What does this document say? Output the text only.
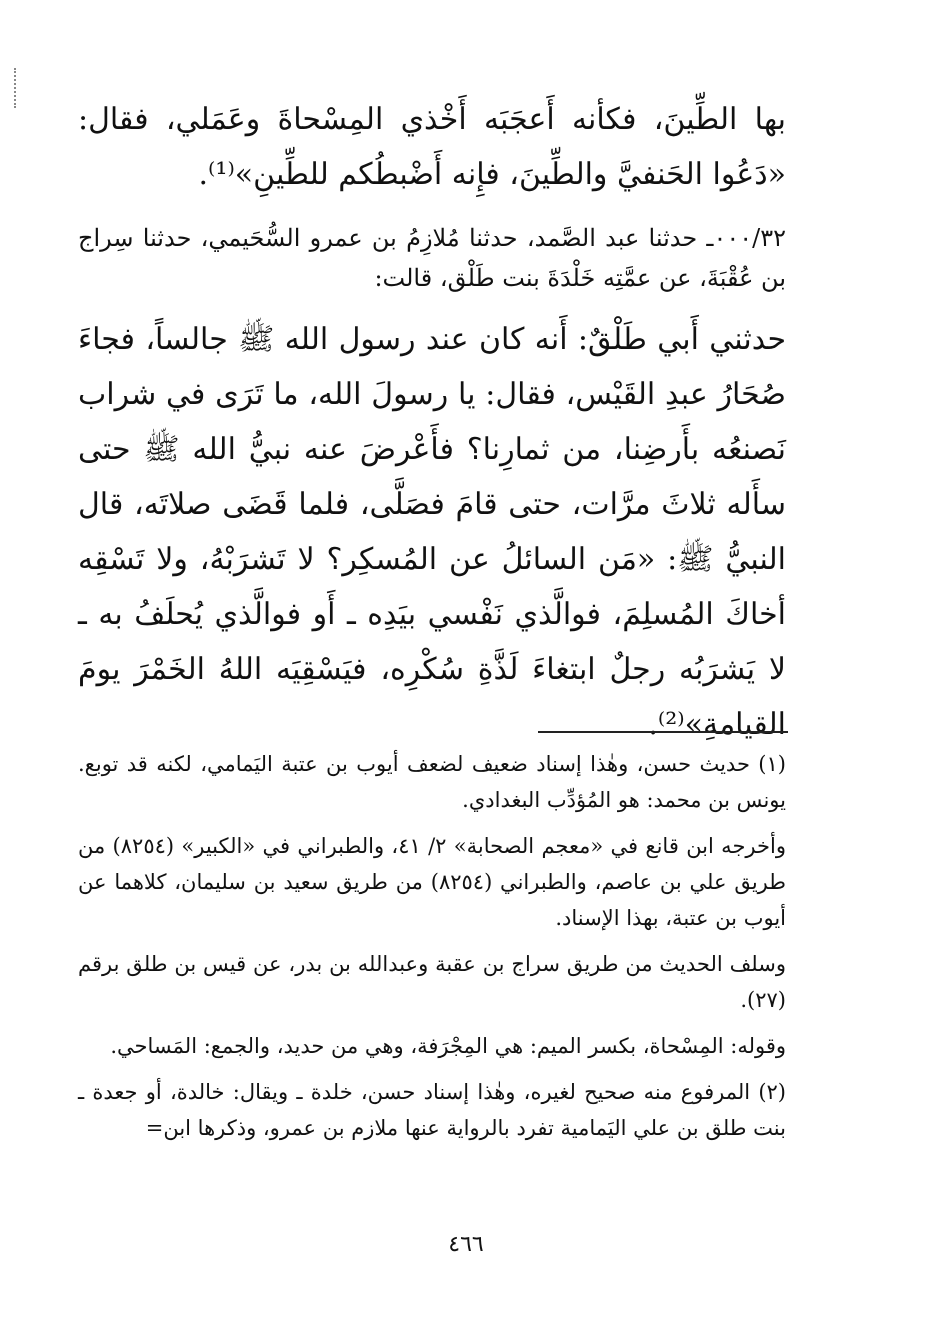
بها الطِّينَ، فكأنه أَعجَبَه أَخْذي المِسْحاةَ وعَمَلي، فقال: «دَعُوا الحَنفيَّ والطِّينَ، فإِنه أَضْبطُكم للطِّينِ»⁽¹⁾.

٠٠٠/٣٢ـ حدثنا عبد الصَّمد، حدثنا مُلازِمُ بن عمرو السُّحَيمي، حدثنا سِراج بن عُقْبَةَ، عن عمَّتِه خَلْدَةَ بنت طَلْق، قالت:

حدثني أَبي طَلْقٌ: أَنه كان عند رسول الله ﷺ جالساً، فجاءَ صُحَارُ عبدِ القَيْس، فقال: يا رسولَ الله، ما تَرَى في شراب نَصنعُه بأَرضِنا، من ثمارِنا؟ فأَعْرضَ عنه نبيُّ الله ﷺ حتى سأَله ثلاثَ مرَّات، حتى قامَ فصَلَّى، فلما قَضَى صلاتَه، قال النبيُّ ﷺ: «مَن السائلُ عن المُسكِر؟ لا تَشرَبْهُ، ولا تَسْقِه أخاكَ المُسلِمَ، فوالَّذي نَفْسي بيَدِه ـ أَو فوالَّذي يُحلَفُ به ـ لا يَشرَبُه رجلٌ ابتغاءَ لَذَّةِ سُكْرِه، فيَسْقِيَه اللهُ الخَمْرَ يومَ القيامةِ»⁽²⁾.

(١) حديث حسن، وهٰذا إسناد ضعيف لضعف أيوب بن عتبة اليَمامي، لكنه قد توبع. يونس بن محمد: هو المُؤدِّب البغدادي.

وأخرجه ابن قانع في «معجم الصحابة» ٢/ ٤١، والطبراني في «الكبير» (٨٢٥٤) من طريق علي بن عاصم، والطبراني (٨٢٥٤) من طريق سعيد بن سليمان، كلاهما عن أيوب بن عتبة، بهذا الإسناد.

وسلف الحديث من طريق سراج بن عقبة وعبدالله بن بدر، عن قيس بن طلق برقم (٢٧).

وقوله: المِسْحاة، بكسر الميم: هي المِجْرَفة، وهي من حديد، والجمع: المَساحي.

(٢) المرفوع منه صحيح لغيره، وهٰذا إسناد حسن، خلدة ـ ويقال: خالدة، أو جعدة ـ بنت طلق بن علي اليَمامية تفرد بالرواية عنها ملازم بن عمرو، وذكرها ابن=

٤٦٦
